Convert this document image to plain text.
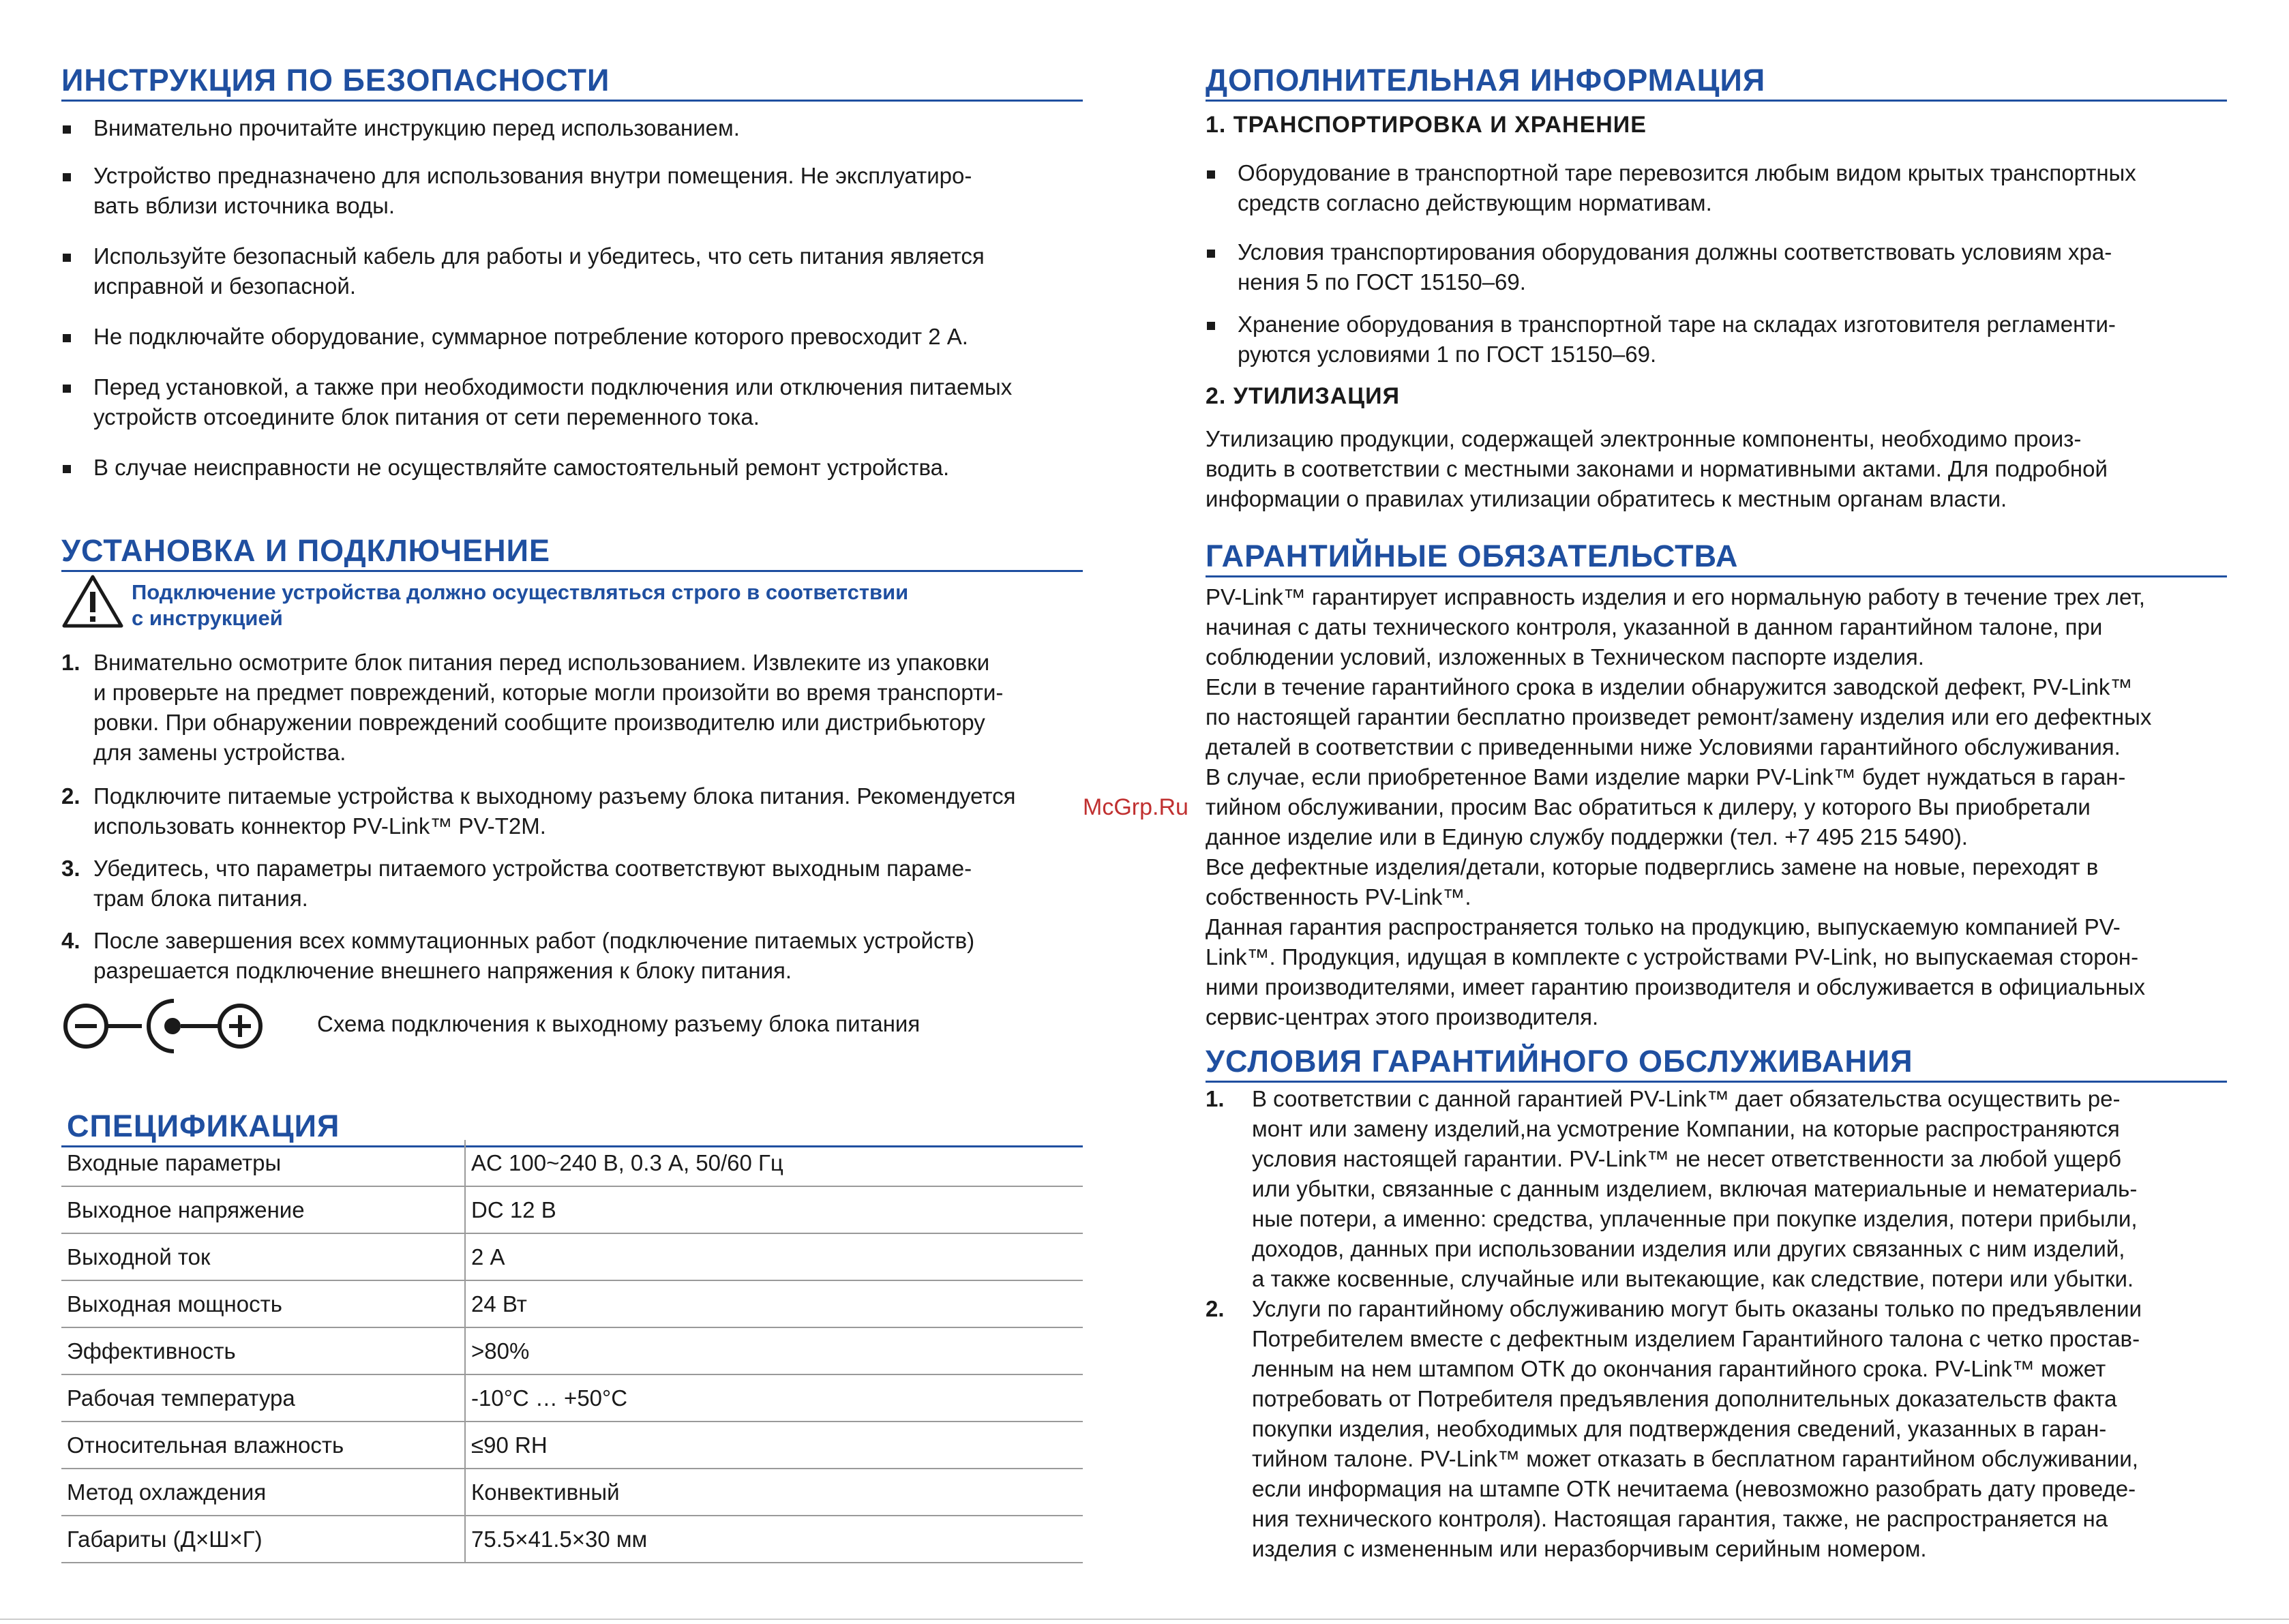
ИНСТРУКЦИЯ ПО БЕЗОПАСНОСТИ
Внимательно прочитайте инструкцию перед использованием.
Устройство предназначено для использования внутри помещения. Не эксплуатиро-
вать вблизи источника воды.
Используйте безопасный кабель для работы и убедитесь, что сеть питания является
исправной и безопасной.
Не подключайте оборудование, суммарное потребление которого превосходит 2 А.
Перед установкой, а также при необходимости подключения или отключения питаемых
устройств отсоедините блок питания от сети переменного тока.
В случае неисправности не осуществляйте самостоятельный ремонт устройства.
УСТАНОВКА И ПОДКЛЮЧЕНИЕ
Подключение устройства должно осуществляться строго в соответствии
с инструкцией
1. Внимательно осмотрите блок питания перед использованием. Извлеките из упаковки
и проверьте на предмет повреждений, которые могли произойти во время транспорти-
ровки. При обнаружении повреждений сообщите производителю или дистрибьютору
для замены устройства.
2. Подключите питаемые устройства к выходному разъему блока питания. Рекомендуется
использовать коннектор PV-Link™ PV-T2M.
3. Убедитесь, что параметры питаемого устройства соответствуют выходным параме-
трам блока питания.
4. После завершения всех коммутационных работ (подключение питаемых устройств)
разрешается подключение внешнего напряжения к блоку питания.
Схема подключения к выходному разъему блока питания
СПЕЦИФИКАЦИЯ
Входные параметры	AC 100~240 В, 0.3 А, 50/60 Гц
Выходное напряжение	DC 12 В
Выходной ток	2 А
Выходная мощность	24 Вт
Эффективность	>80%
Рабочая температура	-10°С … +50°С
Относительная влажность	≤90 RH
Метод охлаждения	Конвективный
Габариты (Д×Ш×Г)	75.5×41.5×30 мм
ДОПОЛНИТЕЛЬНАЯ ИНФОРМАЦИЯ
1. ТРАНСПОРТИРОВКА И ХРАНЕНИЕ
Оборудование в транспортной таре перевозится любым видом крытых транспортных
средств согласно действующим нормативам.
Условия транспортирования оборудования должны соответствовать условиям хра-
нения 5 по ГОСТ 15150–69.
Хранение оборудования в транспортной таре на складах изготовителя регламенти-
руются условиями 1 по ГОСТ 15150–69.
2. УТИЛИЗАЦИЯ
Утилизацию продукции, содержащей электронные компоненты, необходимо произ-
водить в соответствии с местными законами и нормативными актами. Для подробной
информации о правилах утилизации обратитесь к местным органам власти.
ГАРАНТИЙНЫЕ ОБЯЗАТЕЛЬСТВА
PV-Link™ гарантирует исправность изделия и его нормальную работу в течение трех лет,
начиная с даты технического контроля, указанной в данном гарантийном талоне, при
соблюдении условий, изложенных в Техническом паспорте изделия.
Если в течение гарантийного срока в изделии обнаружится заводской дефект, PV-Link™
по настоящей гарантии бесплатно произведет ремонт/замену изделия или его дефектных
деталей в соответствии с приведенными ниже Условиями гарантийного обслуживания.
В случае, если приобретенное Вами изделие марки PV-Link™ будет нуждаться в гаран-
тийном обслуживании, просим Вас обратиться к дилеру, у которого Вы приобретали
данное изделие или в Единую службу поддержки (тел. +7 495 215 5490).
Все дефектные изделия/детали, которые подверглись замене на новые, переходят в
собственность PV-Link™.
Данная гарантия распространяется только на продукцию, выпускаемую компанией PV-
Link™. Продукция, идущая в комплекте с устройствами PV-Link, но выпускаемая сторон-
ними производителями, имеет гарантию производителя и обслуживается в официальных
сервис-центрах этого производителя.
УСЛОВИЯ ГАРАНТИЙНОГО ОБСЛУЖИВАНИЯ
1. В соответствии с данной гарантией PV-Link™ дает обязательства осуществить ре-
монт или замену изделий,на усмотрение Компании, на которые распространяются
условия настоящей гарантии. PV-Link™ не несет ответственности за любой ущерб
или убытки, связанные с данным изделием, включая материальные и нематериаль-
ные потери, а именно: средства, уплаченные при покупке изделия, потери прибыли,
доходов, данных при использовании изделия или других связанных с ним изделий,
а также косвенные, случайные или вытекающие, как следствие, потери или убытки.
2. Услуги по гарантийному обслуживанию могут быть оказаны только по предъявлении
Потребителем вместе с дефектным изделием Гарантийного талона с четко простав-
ленным на нем штампом ОТК до окончания гарантийного срока. PV-Link™ может
потребовать от Потребителя предъявления дополнительных доказательств факта
покупки изделия, необходимых для подтверждения сведений, указанных в гаран-
тийном талоне. PV-Link™ может отказать в бесплатном гарантийном обслуживании,
если информация на штампе ОТК нечитаема (невозможно разобрать дату проведе-
ния технического контроля). Настоящая гарантия, также, не распространяется на
изделия с измененным или неразборчивым серийным номером.
McGrp.Ru
